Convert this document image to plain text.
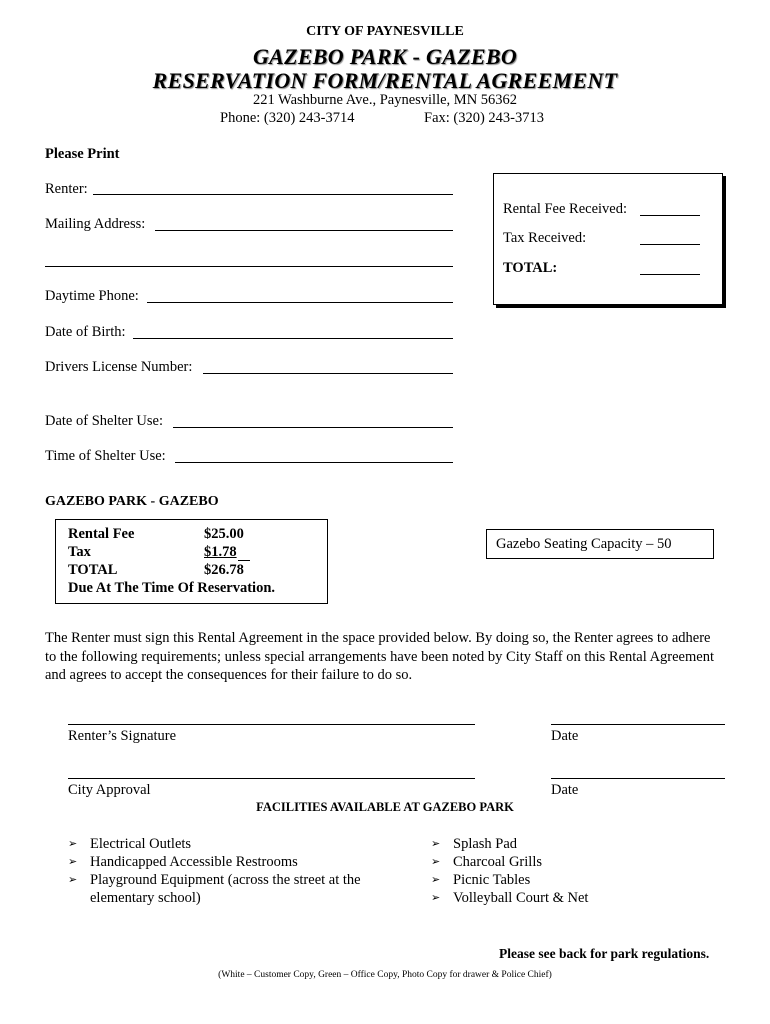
CITY OF PAYNESVILLE
GAZEBO PARK - GAZEBO
RESERVATION FORM/RENTAL AGREEMENT
221 Washburne Ave., Paynesville, MN 56362
Phone: (320) 243-3714	Fax: (320) 243-3713
Please Print
Renter:
Mailing Address:
Daytime Phone:
Date of Birth:
Drivers License Number:
Date of Shelter Use:
Time of Shelter Use:
Rental Fee Received:
Tax Received:
TOTAL:
GAZEBO PARK - GAZEBO
Rental Fee	$25.00
Tax	$1.78
TOTAL	$26.78
Due At The Time Of Reservation.
Gazebo Seating Capacity – 50
The Renter must sign this Rental Agreement in the space provided below. By doing so, the Renter agrees to adhere to the following requirements; unless special arrangements have been noted by City Staff on this Rental Agreement and agrees to accept the consequences for their failure to do so.
Renter’s Signature	Date
City Approval	Date
FACILITIES AVAILABLE AT GAZEBO PARK
➢ Electrical Outlets
➢ Handicapped Accessible Restrooms
➢ Playground Equipment (across the street at the elementary school)
➢ Splash Pad
➢ Charcoal Grills
➢ Picnic Tables
➢ Volleyball Court & Net
Please see back for park regulations.
(White – Customer Copy, Green – Office Copy, Photo Copy for drawer & Police Chief)
